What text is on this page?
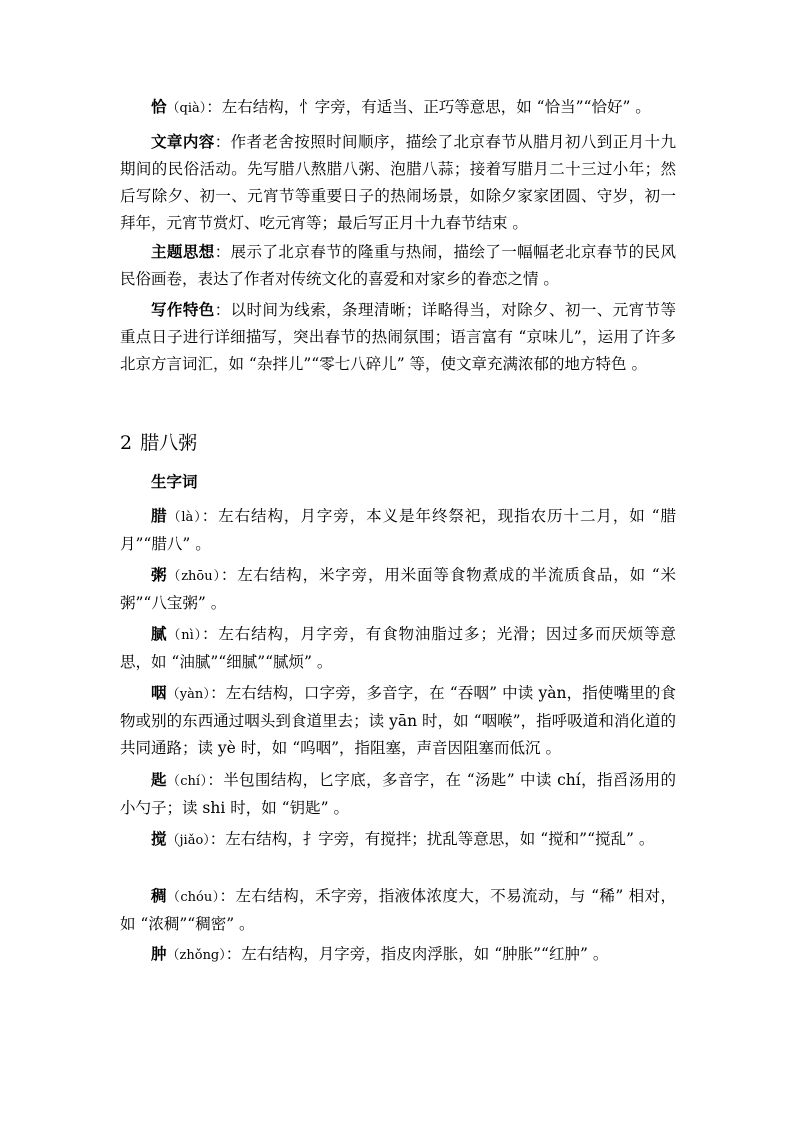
恰（qià）：左右结构，忄字旁，有适当、正巧等意思，如 “恰当”“恰好” 。

文章内容：作者老舍按照时间顺序，描绘了北京春节从腊月初八到正月十九期间的民俗活动。先写腊八熬腊八粥、泡腊八蒜；接着写腊月二十三过小年；然后写除夕、初一、元宵节等重要日子的热闹场景，如除夕家家团圆、守岁，初一拜年，元宵节赏灯、吃元宵等；最后写正月十九春节结束 。

主题思想：展示了北京春节的隆重与热闹，描绘了一幅幅老北京春节的民风民俗画卷，表达了作者对传统文化的喜爱和对家乡的眷恋之情 。

写作特色：以时间为线索，条理清晰；详略得当，对除夕、初一、元宵节等重点日子进行详细描写，突出春节的热闹氛围；语言富有 “京味儿”，运用了许多北京方言词汇，如 “杂拌儿”“零七八碎儿” 等，使文章充满浓郁的地方特色 。

2 腊八粥

生字词

腊（là）：左右结构，月字旁，本义是年终祭祀，现指农历十二月，如 “腊月”“腊八” 。

粥（zhōu）：左右结构，米字旁，用米面等食物煮成的半流质食品，如 “米粥”“八宝粥” 。

腻（nì）：左右结构，月字旁，有食物油脂过多；光滑；因过多而厌烦等意思，如 “油腻”“细腻”“腻烦” 。

咽（yàn）：左右结构，口字旁，多音字，在 “吞咽” 中读 yàn，指使嘴里的食物或别的东西通过咽头到食道里去；读 yān 时，如 “咽喉”，指呼吸道和消化道的共同通路；读 yè 时，如 “呜咽”，指阻塞，声音因阻塞而低沉 。

匙（chí）：半包围结构，匕字底，多音字，在 “汤匙” 中读 chí，指舀汤用的小勺子；读 shi 时，如 “钥匙” 。

搅（jiǎo）：左右结构，扌字旁，有搅拌；扰乱等意思，如 “搅和”“搅乱” 。

稠（chóu）：左右结构，禾字旁，指液体浓度大，不易流动，与 “稀” 相对，如 “浓稠”“稠密” 。

肿（zhǒng）：左右结构，月字旁，指皮肉浮胀，如 “肿胀”“红肿” 。
